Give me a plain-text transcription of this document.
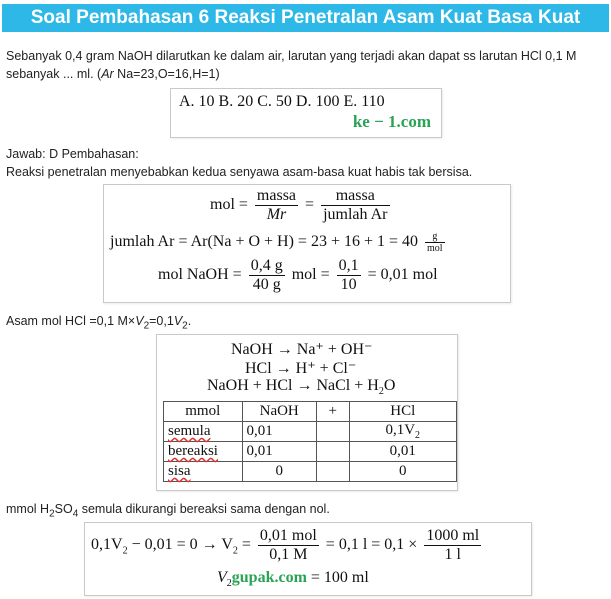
Soal Pembahasan 6 Reaksi Penetralan Asam Kuat Basa Kuat
Sebanyak 0,4 gram NaOH dilarutkan ke dalam air, larutan yang terjadi akan dapat ss larutan HCl 0,1 M
sebanyak ... ml. (Ar Na=23,O=16,H=1)
A. 10 B. 20 C. 50 D. 100 E. 110
ke − 1.com
Jawab: D Pembahasan:
Reaksi penetralan menyebabkan kedua senyawa asam-basa kuat habis tak bersisa.
mol = $\frac{\text{massa}}{Mr} = \frac{\text{massa}}{\text{jumlah Ar}}$
jumlah $Ar = Ar(Na + O + H) = 23 + 16 + 1 = 40 \frac{g}{\text{mol}}$
mol NaOH = $\frac{0,4 g}{40 g}$ mol = $\frac{0,1}{10} = 0,01$ mol
Asam mol HCl =0,1 $M\times V_2=0,1V_2$.
NaOH → Na⁺ + OH⁻
HCl → H⁺ + Cl⁻
NaOH + HCl → NaCl + $H_2O$
mmol	NaOH	+	HCl
semula	0,01		$0,1V_2$
bereaksi	0,01		0,01
sisa	0		0
mmol $H_2SO_4$ semula dikurangi bereaksi sama dengan nol.
$0,1V_2 - 0,01 = 0 \to V_2 = \frac{\text{0,01 mol}}{0,1 M} = 0,1$ $l = 0,1 \times \frac{1000 ml}{1 l}$
$V_2gupak.com = 100$ ml
